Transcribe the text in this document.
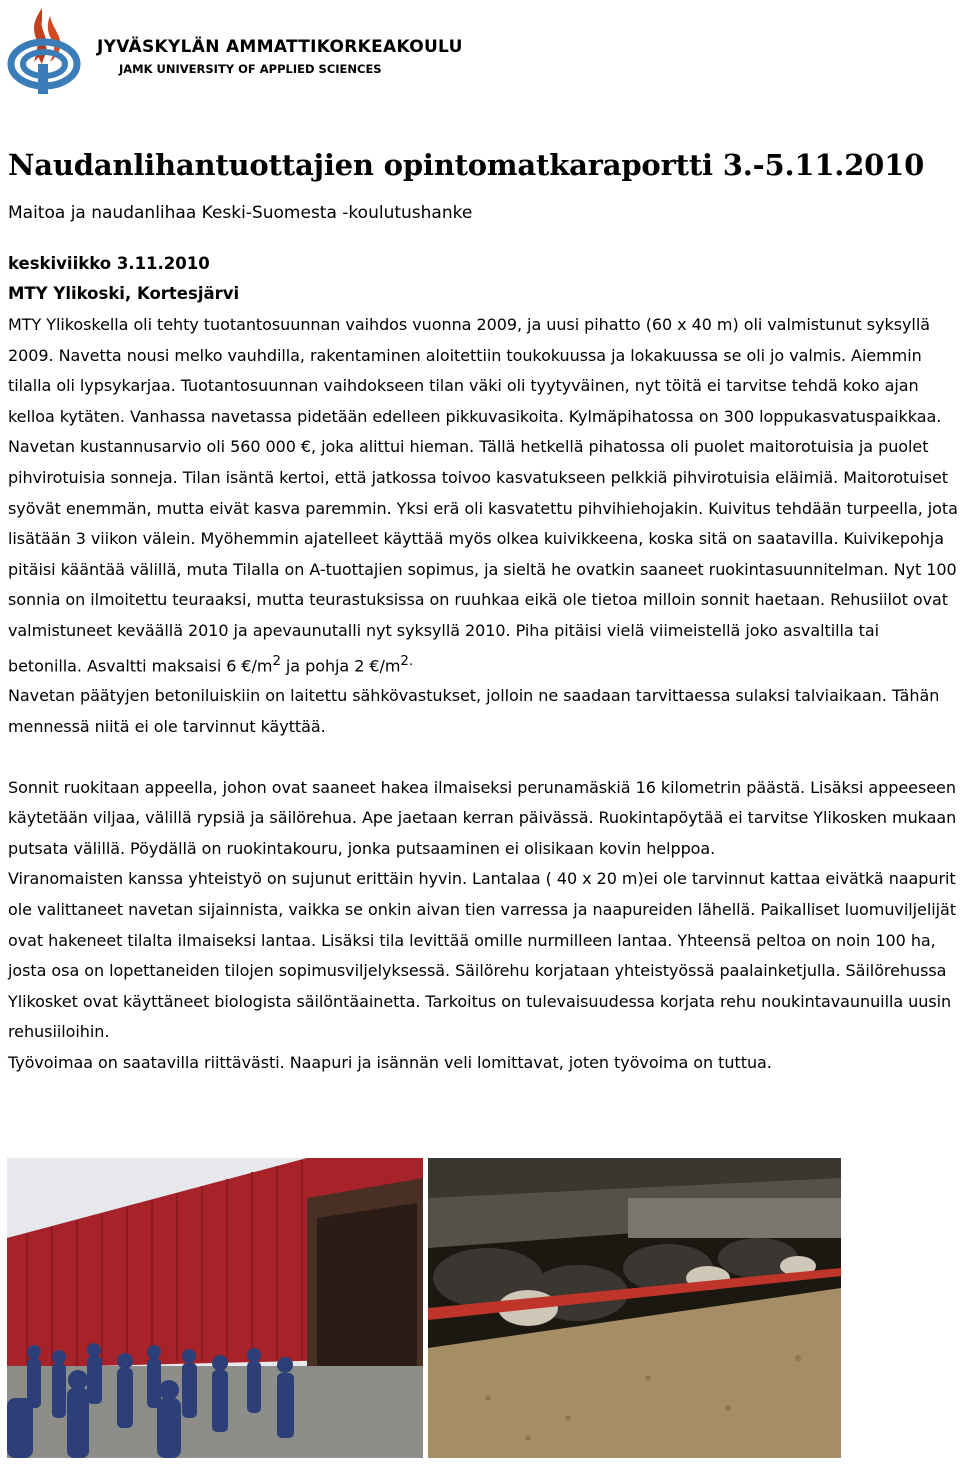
JYVÄSKYLÄN AMMATTIKORKEAKOULU
JAMK UNIVERSITY OF APPLIED SCIENCES
Naudanlihantuottajien opintomatkaraportti 3.-5.11.2010
Maitoa ja naudanlihaa Keski-Suomesta -koulutushanke
keskiviikko 3.11.2010
MTY Ylikoski, Kortesjärvi

MTY Ylikoskella oli tehty tuotantosuunnan vaihdos vuonna 2009, ja uusi pihatto (60 x 40 m) oli valmistunut syksyllä 2009. Navetta nousi melko vauhdilla, rakentaminen aloitettiin toukokuussa ja lokakuussa se oli jo valmis. Aiemmin tilalla oli lypsykarjaa. Tuotantosuunnan vaihdokseen tilan väki oli tyytyväinen, nyt töitä ei tarvitse tehdä koko ajan kelloa kytäten. Vanhassa navetassa pidetään edelleen pikkuvasikoita. Kylmäpihatossa on 300 loppukasvatuspaikkaa. Navetan kustannusarvio oli 560 000 €, joka alittui hieman. Tällä hetkellä pihatossa oli puolet maitorotuisia ja puolet pihvirotuisia sonneja. Tilan isäntä kertoi, että jatkossa toivoo kasvatukseen pelkkiä pihvirotuisia eläimiä. Maitorotuiset syövät enemmän, mutta eivät kasva paremmin. Yksi erä oli kasvatettu pihvihiehojakin. Kuivitus tehdään turpeella, jota lisätään 3 viikon välein. Myöhemmin ajatelleet käyttää myös olkea kuivikkeena, koska sitä on saatavilla. Kuivikepohja pitäisi kääntää välillä, muta Tilalla on A-tuottajien sopimus, ja sieltä he ovatkin saaneet ruokintasuunnitelman. Nyt 100 sonnia on ilmoitettu teuraaksi, mutta teurastuksissa on ruuhkaa eikä ole tietoa milloin sonnit haetaan. Rehusiilot ovat valmistuneet keväällä 2010 ja apevaunutalli nyt syksyllä 2010. Piha pitäisi vielä viimeistellä joko asvaltilla tai betonilla. Asvaltti maksaisi 6 $€/m^2$ ja pohja 2 $€/m^{2.}$

Navetan päätyjen betoniluiskiin on laitettu sähkövastukset, jolloin ne saadaan tarvittaessa sulaksi talviaikaan. Tähän mennessä niitä ei ole tarvinnut käyttää.

Sonnit ruokitaan appeella, johon ovat saaneet hakea ilmaiseksi perunamäskiä 16 kilometrin päästä. Lisäksi appeeseen käytetään viljaa, välillä rypsiä ja säilörehua. Ape jaetaan kerran päivässä. Ruokintapöytää ei tarvitse Ylikosken mukaan putsata välillä. Pöydällä on ruokintakouru, jonka putsaaminen ei olisikaan kovin helppoa.

Viranomaisten kanssa yhteistyö on sujunut erittäin hyvin. Lantalaa ( 40 x 20 m)ei ole tarvinnut kattaa eivätkä naapurit ole valittaneet navetan sijainnista, vaikka se onkin aivan tien varressa ja naapureiden lähellä. Paikalliset luomuviljelijät ovat hakeneet tilalta ilmaiseksi lantaa. Lisäksi tila levittää omille nurmilleen lantaa. Yhteensä peltoa on noin 100 ha, josta osa on lopettaneiden tilojen sopimusviljelyksessä. Säilörehu korjataan yhteistyössä paalainketjulla. Säilörehussa Ylikosket ovat käyttäneet biologista säilöntäainetta. Tarkoitus on tulevaisuudessa korjata rehu noukintavaunuilla uusin rehusiiloihin.

Työvoimaa on saatavilla riittävästi. Naapuri ja isännän veli lomittavat, joten työvoima on tuttua.
